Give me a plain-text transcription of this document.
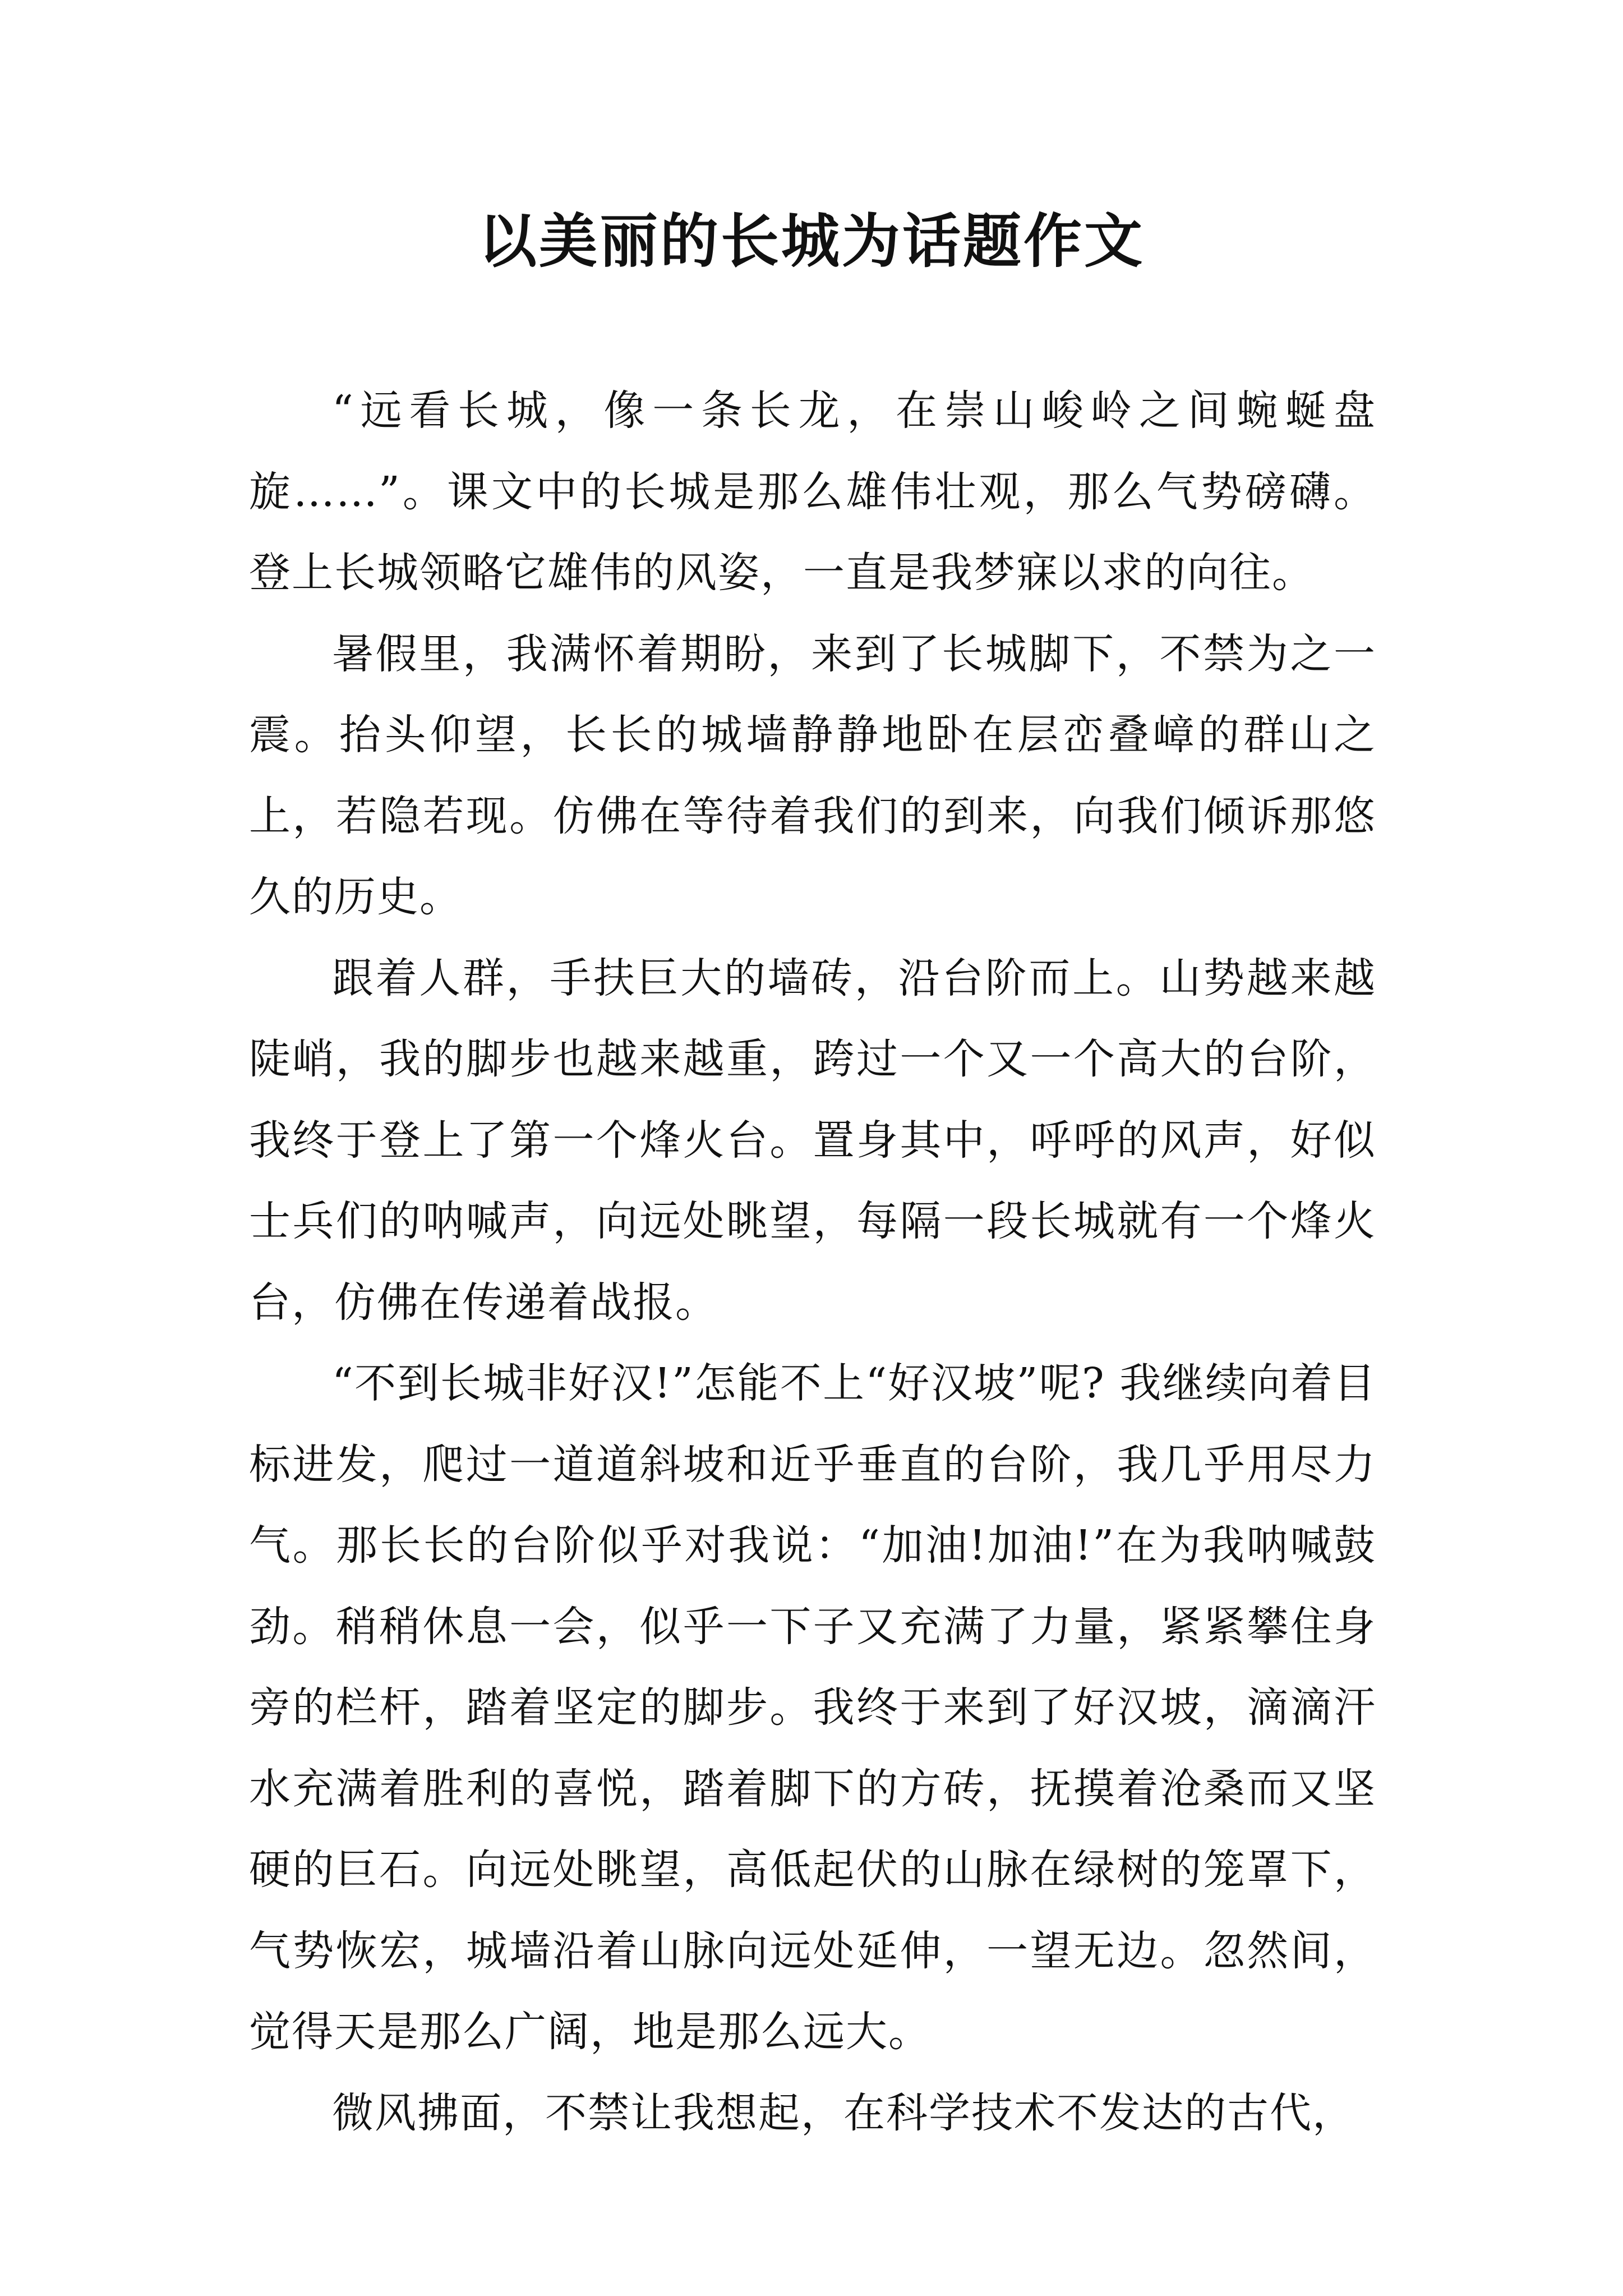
以美丽的长城为话题作文

“远看长城，像一条长龙，在崇山峻岭之间蜿蜒盘旋……”。课文中的长城是那么雄伟壮观，那么气势磅礴。登上长城领略它雄伟的风姿，一直是我梦寐以求的向往。

暑假里，我满怀着期盼，来到了长城脚下，不禁为之一震。抬头仰望，长长的城墙静静地卧在层峦叠嶂的群山之上，若隐若现。仿佛在等待着我们的到来，向我们倾诉那悠久的历史。

跟着人群，手扶巨大的墙砖，沿台阶而上。山势越来越陡峭，我的脚步也越来越重，跨过一个又一个高大的台阶，我终于登上了第一个烽火台。置身其中，呼呼的风声，好似士兵们的呐喊声，向远处眺望，每隔一段长城就有一个烽火台，仿佛在传递着战报。

“不到长城非好汉!”怎能不上“好汉坡”呢? 我继续向着目标进发，爬过一道道斜坡和近乎垂直的台阶，我几乎用尽力气。那长长的台阶似乎对我说：“加油!加油!”在为我呐喊鼓劲。稍稍休息一会，似乎一下子又充满了力量，紧紧攀住身旁的栏杆，踏着坚定的脚步。我终于来到了好汉坡，滴滴汗水充满着胜利的喜悦，踏着脚下的方砖，抚摸着沧桑而又坚硬的巨石。向远处眺望，高低起伏的山脉在绿树的笼罩下，气势恢宏，城墙沿着山脉向远处延伸，一望无边。忽然间，觉得天是那么广阔，地是那么远大。

微风拂面，不禁让我想起，在科学技术不发达的古代，
